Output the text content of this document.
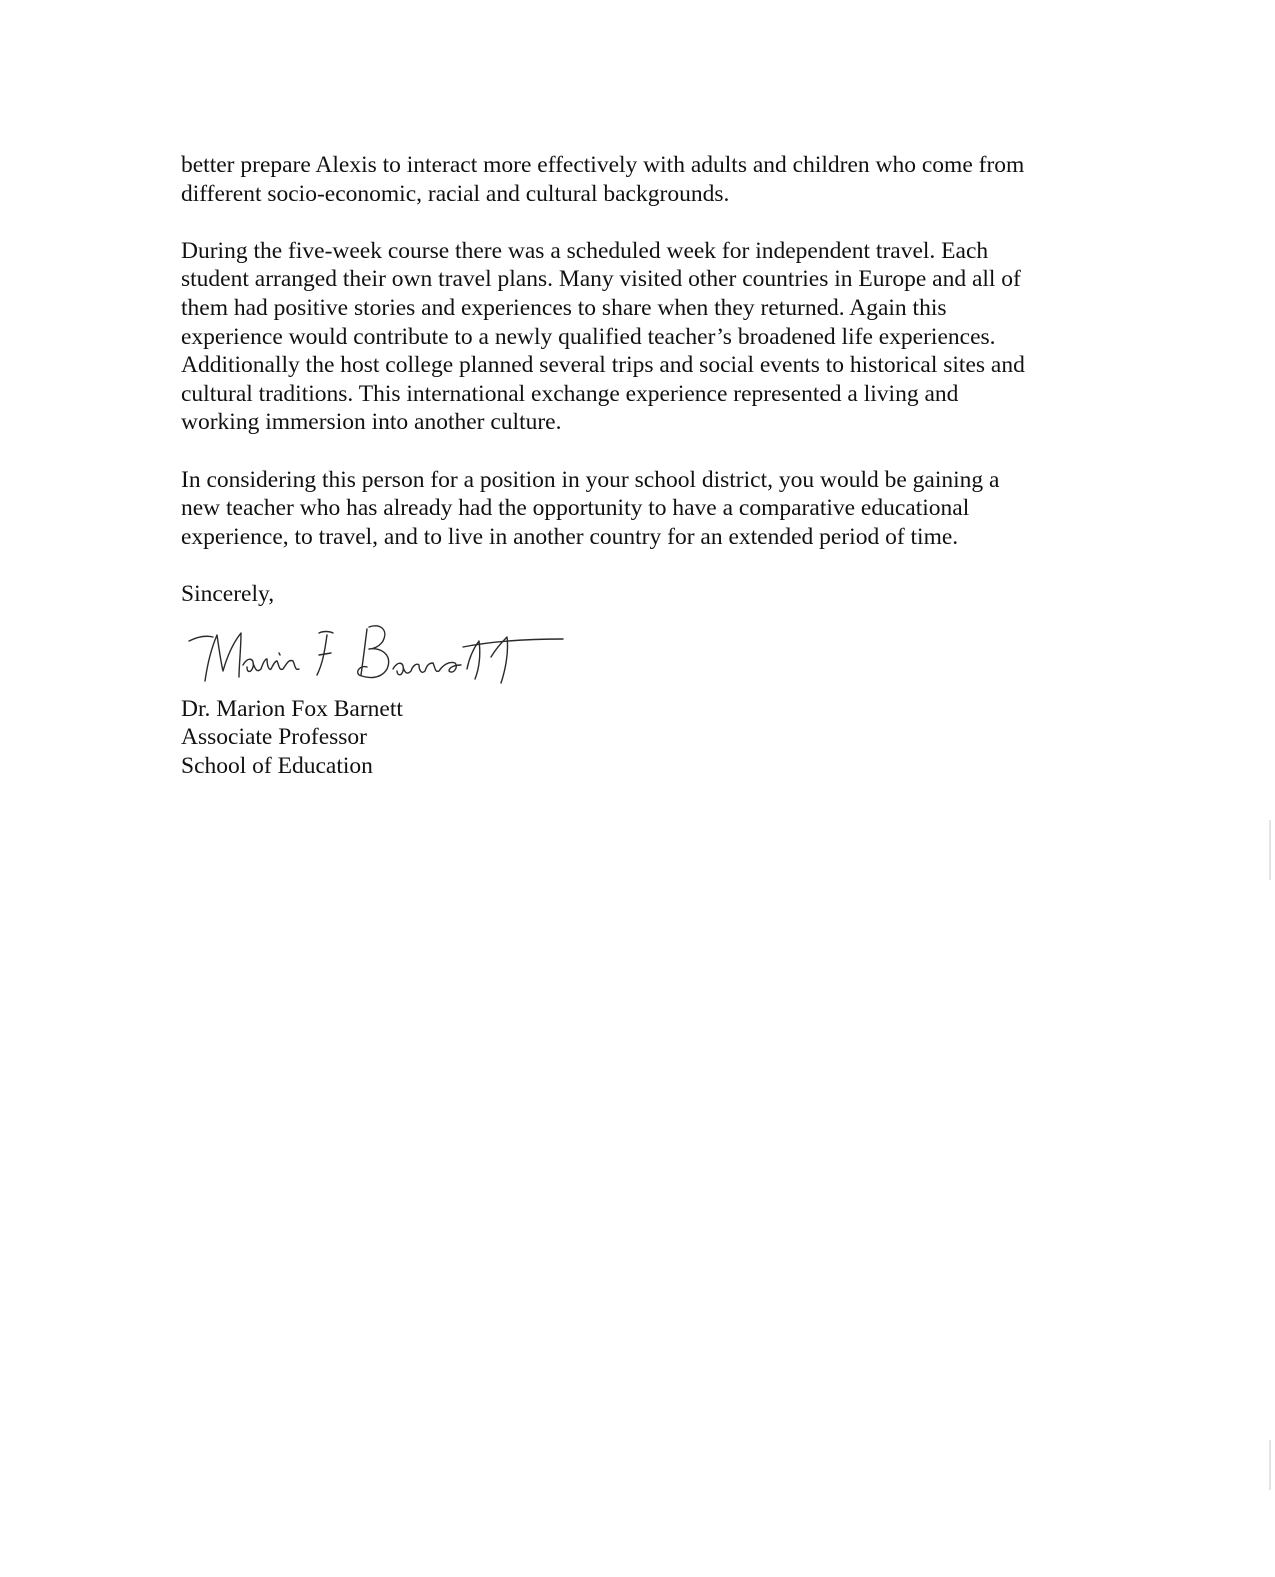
better prepare Alexis to interact more effectively with adults and children who come from
different socio-economic, racial and cultural backgrounds.

During the five-week course there was a scheduled week for independent travel. Each
student arranged their own travel plans. Many visited other countries in Europe and all of
them had positive stories and experiences to share when they returned. Again this
experience would contribute to a newly qualified teacher’s broadened life experiences.
Additionally the host college planned several trips and social events to historical sites and
cultural traditions. This international exchange experience represented a living and
working immersion into another culture.

In considering this person for a position in your school district, you would be gaining a
new teacher who has already had the opportunity to have a comparative educational
experience, to travel, and to live in another country for an extended period of time.

Sincerely,
Dr. Marion Fox Barnett
Associate Professor
School of Education
